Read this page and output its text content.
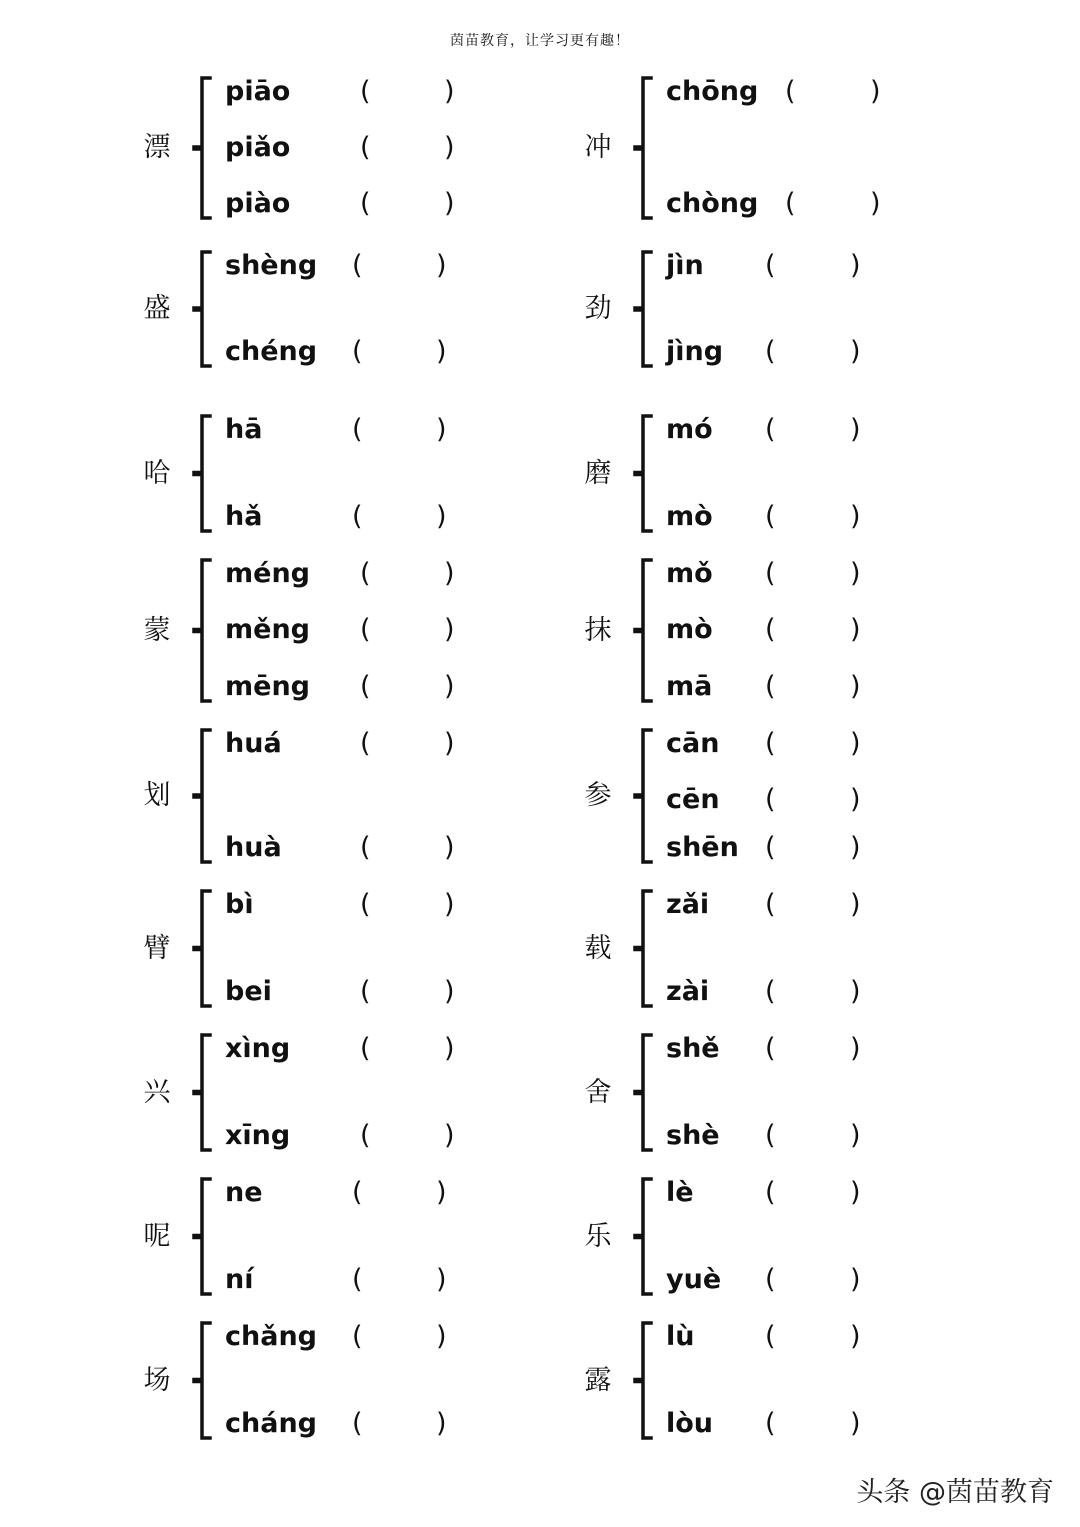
茵苗教育，让学习更有趣！
漂
piāo	(	)
piǎo	(	)
piào	(	)
盛
shèng (	)
chéng (	)
哈
hā	(	)
hǎ	(	)
蒙
méng (	)
měng (	)
mēng (	)
划
huá	(	)
huà	(	)
臂
bì	(	)
bei	(	)
兴
xìng	(	)
xīng	(	)
呢
ne	(	)
ní	(	)
场
chǎng (	)
cháng (	)
冲
chōng (	)
chòng (	)
劲
jìn (	)
jìng (	)
磨
mó (	)
mò (	)
抹
mǒ (	)
mò (	)
mā (	)
参
cān (	)
cēn (	)
shēn (	)
载
zǎi (	)
zài (	)
舍
shě (	)
shè (	)
乐
lè	(	)
yuè (	)
露
lù	(	)
lòu (	)
头条 @茵苗教育
